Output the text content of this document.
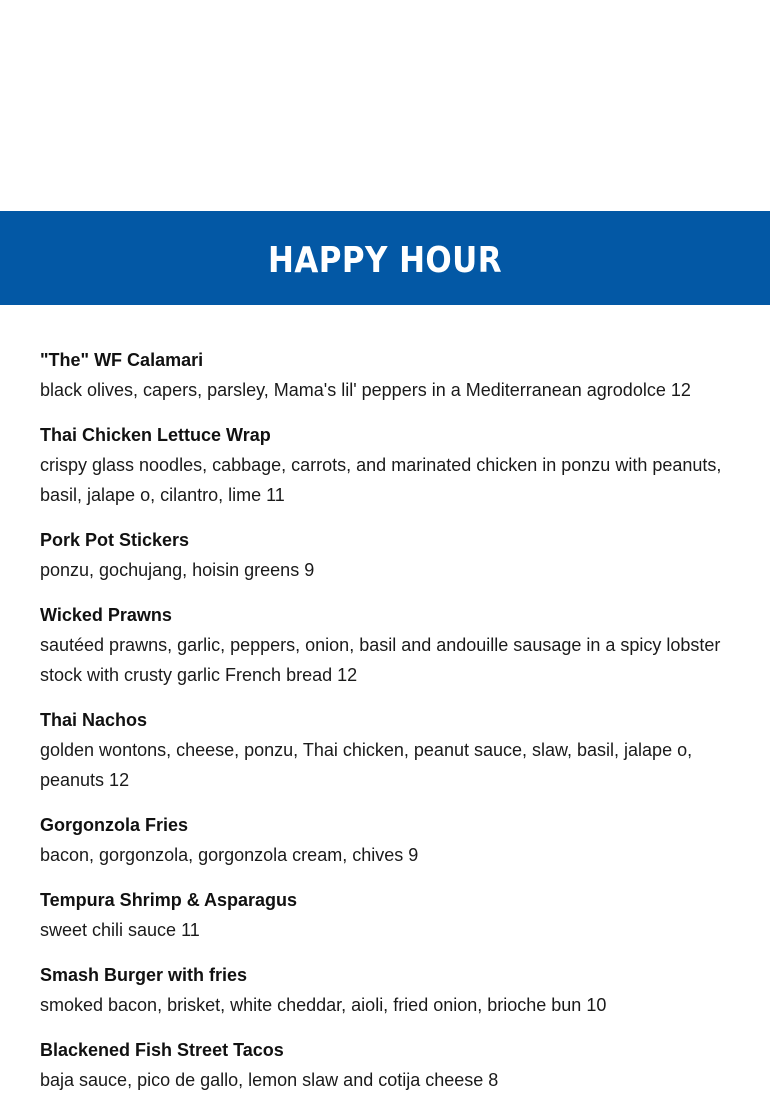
HAPPY HOUR
"The" WF Calamari
black olives, capers, parsley, Mama's lil' peppers in a Mediterranean agrodolce 12
Thai Chicken Lettuce Wrap
crispy glass noodles, cabbage, carrots, and marinated chicken in ponzu with peanuts, basil, jalape o, cilantro, lime 11
Pork Pot Stickers
ponzu, gochujang, hoisin greens 9
Wicked Prawns
sautéed prawns, garlic, peppers, onion, basil and andouille sausage in a spicy lobster stock with crusty garlic French bread 12
Thai Nachos
golden wontons, cheese, ponzu, Thai chicken, peanut sauce, slaw, basil, jalape o, peanuts 12
Gorgonzola Fries
bacon, gorgonzola, gorgonzola cream, chives 9
Tempura Shrimp & Asparagus
sweet chili sauce 11
Smash Burger with fries
smoked bacon, brisket, white cheddar, aioli, fried onion, brioche bun 10
Blackened Fish Street Tacos
baja sauce, pico de gallo, lemon slaw and cotija cheese 8
